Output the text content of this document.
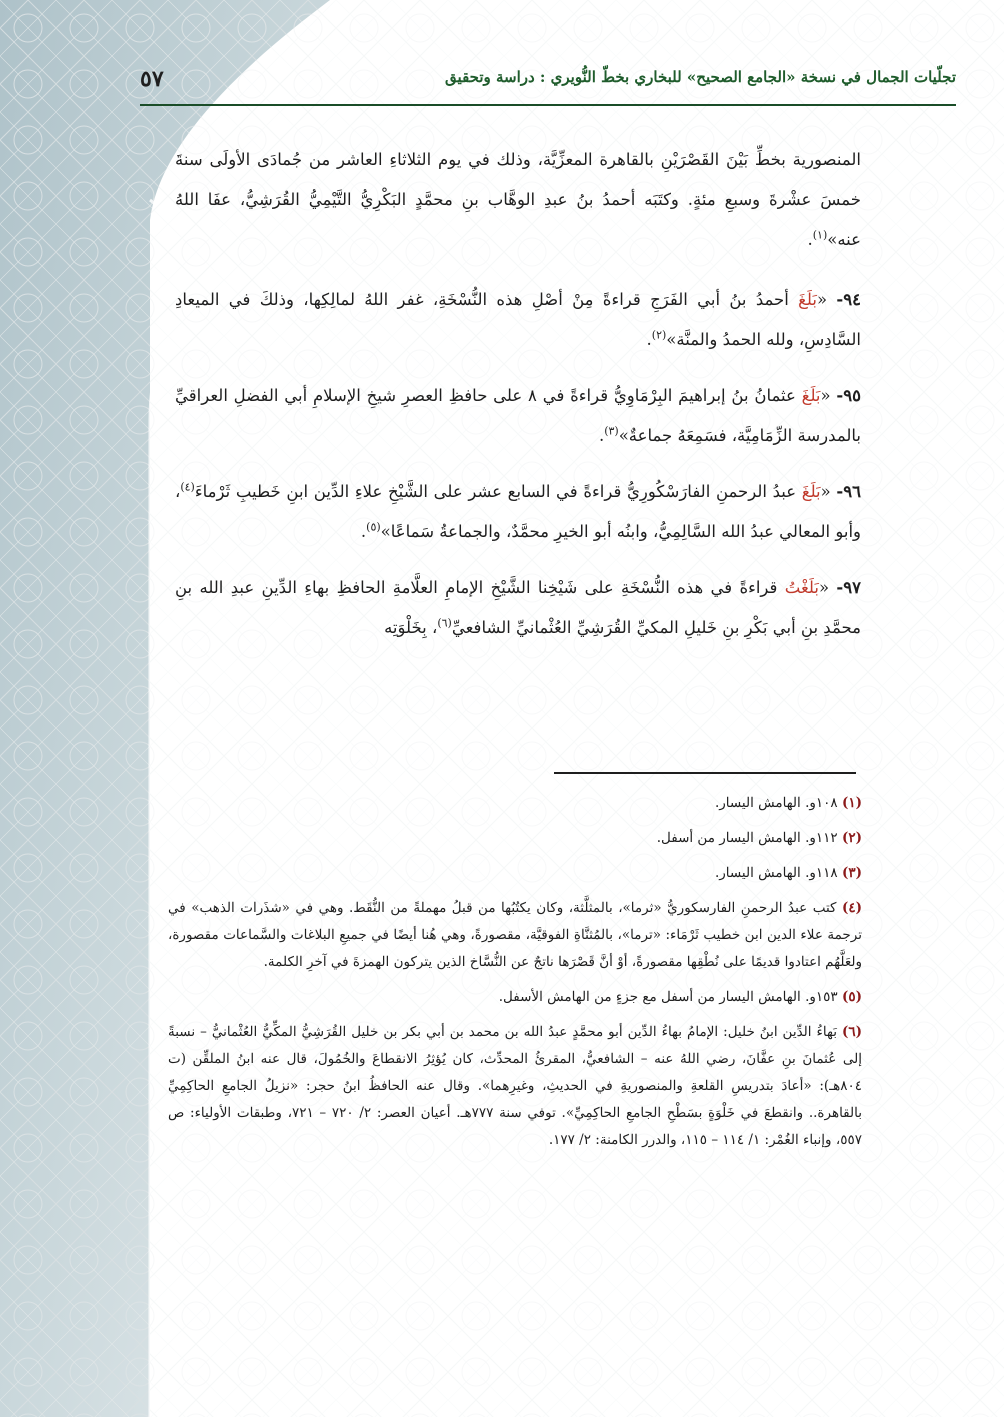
تجلّيات الجمال في نسخة «الجامع الصحيح» للبخاري بخطّ النُّويري : دراسة وتحقيق
٥٧

المنصورية بخطِّ بَيْنَ القَصْرَيْنِ بالقاهرة المعزِّيَّة، وذلك في يوم الثلاثاءِ العاشر من جُمادَى الأولَى سنةَ خمسَ عشْرةَ وسبعِ مئةٍ. وكتَبَه أحمدُ بنُ عبدِ الوهَّاب بنِ محمَّدٍ البَكْرِيُّ التَّيْمِيُّ القُرَشِيُّ، عفَا اللهُ عنه»$^{(١)}$.

٩٤- «بَلَغَ أحمدُ بنُ أبي الفَرَجِ قراءةً مِنْ أصْلِ هذه النُّسْخَةِ، غفر اللهُ لمالِكِها، وذلكَ في الميعادِ السَّادِسِ، ولله الحمدُ والمنَّة»$^{(٢)}$.

٩٥- «بَلَغَ عثمانُ بنُ إبراهيمَ البِرْمَاوِيُّ قراءةً في ٨ على حافظِ العصرِ شيخِ الإسلامِ أبي الفضلِ العراقيِّ بالمدرسة الزِّمَامِيَّة، فسَمِعَهُ جماعةٌ»$^{(٣)}$.

٩٦- «بَلَغَ عبدُ الرحمنِ الفارَسْكُورِيُّ قراءةً في السابع عشر على الشَّيْخِ علاءِ الدِّين ابنِ خَطيبِ ثَرْماءَ$^{(٤)}$، وأبو المعالي عبدُ الله السَّالِمِيُّ، وابنُه أبو الخيرِ محمَّدٌ، والجماعةُ سَماعًا»$^{(٥)}$.

٩٧- «بَلَغْتُ قراءةً في هذه النُّسْخَةِ على شَيْخِنا الشَّيْخِ الإمامِ العلَّامةِ الحافظِ بهاءِ الدِّينِ عبدِ الله بنِ محمَّدِ بنِ أبي بَكْرِ بنِ خَليلِ المكيِّ القُرَشِيِّ العُثْمانيِّ الشافعيِّ$^{(٦)}$، بِخَلْوَتِه

(١) ١٠٨و. الهامش اليسار.

(٢) ١١٢و. الهامش اليسار من أسفل.

(٣) ١١٨و. الهامش اليسار.

(٤) كتب عبدُ الرحمنِ الفارسكوريُّ «ثرما»، بالمثلَّثة، وكان يكتُبُها من قبلُ مهملةً من النُّقَط. وهي في «شذَرات الذهب» في ترجمة علاء الدين ابن خطيب ثَرْمَاء: «ترما»، بالمُثنَّاةِ الفوقيَّة، مقصورةً، وهي هُنا أيضًا في جميعِ البلاغات والسَّماعات مقصورة، ولعَلَّهُم اعتادوا قديمًا على نُطْقِها مقصورةً، أوْ أنَّ قَصْرَها ناتجٌ عن النُّسَّاخ الذين يتركون الهمزةَ في آخرِ الكلمة.

(٥) ١٥٣و. الهامش اليسار من أسفل مع جزءٍ من الهامش الأسفل.

(٦) بَهاءُ الدِّين ابنُ خليل: الإمامُ بهاءُ الدِّين أبو محمَّدٍ عبدُ الله بن محمد بن أبي بكر بن خليل القُرَشِيُّ المكِّيُّ العُثْمانيُّ – نسبةً إلى عُثمانَ بنِ عفَّانَ، رضي اللهُ عنه – الشافعيُّ، المقرئُ المحدِّث، كان يُؤثِرُ الانقطاعَ والخُمُولَ، قال عنه ابنُ الملقِّن (ت ٨٠٤هـ): «أعادَ بتدريسِ القلعةِ والمنصوريةِ في الحديثِ، وغيرِهما». وقال عنه الحافظُ ابنُ حجر: «نزيلُ الجامعِ الحاكِمِيِّ بالقاهرة.. وانقطعَ في خَلْوَةٍ بسَطْحِ الجامعِ الحاكِمِيِّ». توفي سنة ٧٧٧هـ. أعيان العصر: ٢/ ٧٢٠ – ٧٢١، وطبقات الأولياء: ص ٥٥٧، وإنباء الغُمْر: ١/ ١١٤ – ١١٥، والدرر الكامنة: ٢/ ١٧٧.
